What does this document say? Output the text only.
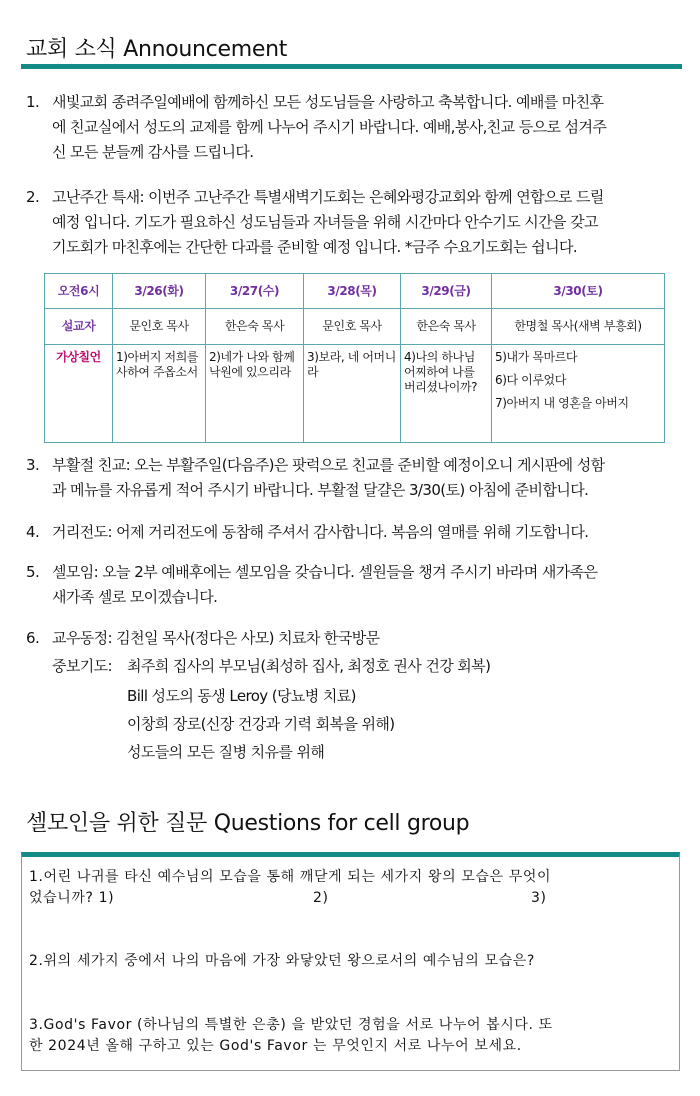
교회 소식 Announcement
1. 새빛교회 종려주일예배에 함께하신 모든 성도님들을 사랑하고 축복합니다. 예배를 마친후
에 친교실에서 성도의 교제를 함께 나누어 주시기 바랍니다. 예배,봉사,친교 등으로 섬겨주
신 모든 분들께 감사를 드립니다.
2. 고난주간 특새: 이번주 고난주간 특별새벽기도회는 은혜와평강교회와 함께 연합으로 드릴
예정 입니다. 기도가 필요하신 성도님들과 자녀들을 위해 시간마다 안수기도 시간을 갖고
기도회가 마친후에는 간단한 다과를 준비할 예정 입니다. *금주 수요기도회는 쉽니다.
오전6시	3/26(화)	3/27(수)	3/28(목)	3/29(금)	3/30(토)
설교자	문인호 목사	한은숙 목사	문인호 목사	한은숙 목사	한명철 목사(새벽 부흥회)
가상칠언	1)아버지 저희를 사하여 주옵소서	2)네가 나와 함께 낙원에 있으리라	3)보라, 네 어머니라	4)나의 하나님 어찌하여 나를 버리셨나이까?	5)내가 목마르다
6)다 이루었다
7)아버지 내 영혼을 아버지
3. 부활절 친교: 오는 부활주일(다음주)은 팟럭으로 친교를 준비할 예정이오니 게시판에 성함
과 메뉴를 자유롭게 적어 주시기 바랍니다. 부활절 달걀은 3/30(토) 아침에 준비합니다.
4. 거리전도: 어제 거리전도에 동참해 주셔서 감사합니다. 복음의 열매를 위해 기도합니다.
5. 셀모임: 오늘 2부 예배후에는 셀모임을 갖습니다. 셀원들을 챙겨 주시기 바라며 새가족은
새가족 셀로 모이겠습니다.
6. 교우동정: 김천일 목사(정다은 사모) 치료차 한국방문
중보기도: 최주희 집사의 부모님(최성하 집사, 최정호 권사 건강 회복)
Bill 성도의 동생 Leroy (당뇨병 치료)
이창희 장로(신장 건강과 기력 회복을 위해)
성도들의 모든 질병 치유를 위해
셀모인을 위한 질문 Questions for cell group
1.어린 나귀를 타신 예수님의 모습을 통해 깨닫게 되는 세가지 왕의 모습은 무엇이
었습니까? 1)	2)	3)
2.위의 세가지 중에서 나의 마음에 가장 와닿았던 왕으로서의 예수님의 모습은?
3.God's Favor (하나님의 특별한 은총) 을 받았던 경험을 서로 나누어 봅시다. 또
한 2024년 올해 구하고 있는 God's Favor 는 무엇인지 서로 나누어 보세요.
